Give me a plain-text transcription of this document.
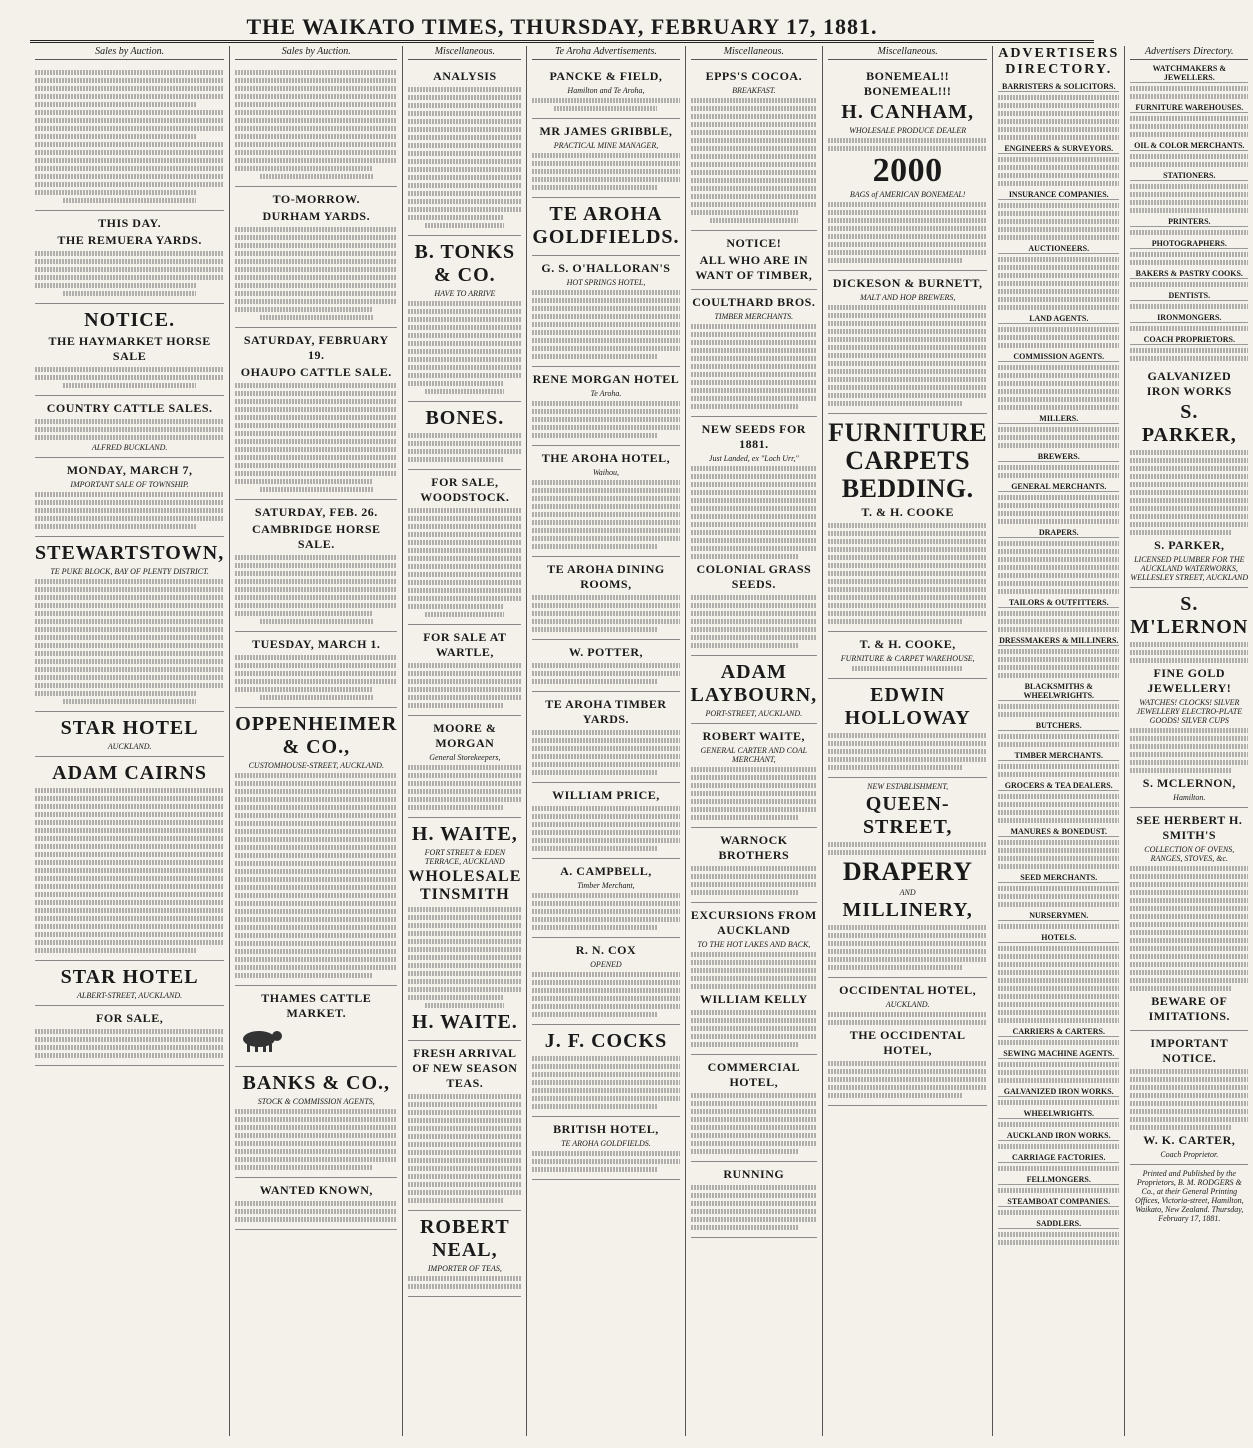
THE WAIKATO TIMES, THURSDAY, FEBRUARY 17, 1881.
Sales by Auction.
THIS DAY.
THE REMUERA YARDS.
NOTICE.
THE HAYMARKET HORSE SALE
COUNTRY CATTLE SALES.
ALFRED BUCKLAND.
MONDAY, MARCH 7,
IMPORTANT SALE OF TOWNSHIP.
STEWARTSTOWN,
TE PUKE BLOCK, BAY OF PLENTY DISTRICT.
STAR HOTEL
AUCKLAND.
ADAM CAIRNS
STAR HOTEL
ALBERT-STREET, AUCKLAND.
FOR SALE,
Sales by Auction.
TO-MORROW.
DURHAM YARDS.
SATURDAY, FEBRUARY 19.
OHAUPO CATTLE SALE.
SATURDAY, FEB. 26.
CAMBRIDGE HORSE SALE.
TUESDAY, MARCH 1.
OPPENHEIMER & CO.,
CUSTOMHOUSE-STREET, AUCKLAND.
THAMES CATTLE MARKET.
BANKS & CO.,
STOCK & COMMISSION AGENTS,
WANTED KNOWN,
Miscellaneous.
ANALYSIS
B. TONKS & CO.
HAVE TO ARRIVE
BONES.
FOR SALE, WOODSTOCK.
FOR SALE AT WARTLE,
MOORE & MORGAN
General Storekeepers,
H. WAITE,
FORT STREET & EDEN TERRACE, AUCKLAND
WHOLESALE TINSMITH
H. WAITE.
FRESH ARRIVAL OF NEW SEASON TEAS.
ROBERT NEAL,
IMPORTER OF TEAS,
Te Aroha Advertisements.
PANCKE & FIELD,
Hamilton and Te Aroha,
MR JAMES GRIBBLE,
PRACTICAL MINE MANAGER,
TE AROHA GOLDFIELDS.
G. S. O'HALLORAN'S
HOT SPRINGS HOTEL,
RENE MORGAN HOTEL
Te Aroha.
THE AROHA HOTEL,
Waihou,
TE AROHA DINING ROOMS,
W. POTTER,
TE AROHA TIMBER YARDS.
WILLIAM PRICE,
A. CAMPBELL,
Timber Merchant,
R. N. COX
OPENED
J. F. COCKS
BRITISH HOTEL,
TE AROHA GOLDFIELDS.
Miscellaneous.
EPPS'S COCOA.
BREAKFAST.
NOTICE!
ALL WHO ARE IN WANT OF TIMBER,
COULTHARD BROS.
TIMBER MERCHANTS.
NEW SEEDS FOR 1881.
Just Landed, ex "Loch Urr,"
COLONIAL GRASS SEEDS.
ADAM LAYBOURN,
PORT-STREET, AUCKLAND.
ROBERT WAITE,
GENERAL CARTER AND COAL MERCHANT,
WARNOCK BROTHERS
EXCURSIONS FROM AUCKLAND
TO THE HOT LAKES AND BACK,
WILLIAM KELLY
COMMERCIAL HOTEL,
RUNNING
Miscellaneous.
BONEMEAL!! BONEMEAL!!!
H. CANHAM,
WHOLESALE PRODUCE DEALER
2000
BAGS of AMERICAN BONEMEAL!
DICKESON & BURNETT,
MALT AND HOP BREWERS,
FURNITURE CARPETS BEDDING.
T. & H. COOKE
T. & H. COOKE,
FURNITURE & CARPET WAREHOUSE,
EDWIN HOLLOWAY
NEW ESTABLISHMENT,
QUEEN-STREET,
DRAPERY
AND
MILLINERY,
OCCIDENTAL HOTEL,
AUCKLAND.
THE OCCIDENTAL HOTEL,
ADVERTISERS DIRECTORY.
BARRISTERS & SOLICITORS.
ENGINEERS & SURVEYORS.
INSURANCE COMPANIES.
AUCTIONEERS.
LAND AGENTS.
COMMISSION AGENTS.
MILLERS.
BREWERS.
GENERAL MERCHANTS.
DRAPERS.
TAILORS & OUTFITTERS.
DRESSMAKERS & MILLINERS.
BLACKSMITHS & WHEELWRIGHTS.
BUTCHERS.
TIMBER MERCHANTS.
GROCERS & TEA DEALERS.
MANURES & BONEDUST.
SEED MERCHANTS.
NURSERYMEN.
HOTELS.
CARRIERS & CARTERS.
SEWING MACHINE AGENTS.
GALVANIZED IRON WORKS.
WHEELWRIGHTS.
AUCKLAND IRON WORKS.
CARRIAGE FACTORIES.
FELLMONGERS.
STEAMBOAT COMPANIES.
SADDLERS.
Advertisers Directory.
WATCHMAKERS & JEWELLERS.
FURNITURE WAREHOUSES.
OIL & COLOR MERCHANTS.
STATIONERS.
PRINTERS.
PHOTOGRAPHERS.
BAKERS & PASTRY COOKS.
DENTISTS.
IRONMONGERS.
COACH PROPRIETORS.
GALVANIZED IRON WORKS
S. PARKER,
S. PARKER,
LICENSED PLUMBER FOR THE AUCKLAND WATERWORKS, WELLESLEY STREET, AUCKLAND
S. M'LERNON
FINE GOLD JEWELLERY!
WATCHES! CLOCKS! SILVER JEWELLERY ELECTRO-PLATE GOODS! SILVER CUPS
S. MCLERNON,
Hamilton.
SEE HERBERT H. SMITH'S
COLLECTION OF OVENS, RANGES, STOVES, &c.
BEWARE OF IMITATIONS.
IMPORTANT NOTICE.
W. K. CARTER,
Coach Proprietor.
Printed and Published by the Proprietors, B. M. RODGERS & Co., at their General Printing Offices, Victoria-street, Hamilton, Waikato, New Zealand. Thursday, February 17, 1881.
